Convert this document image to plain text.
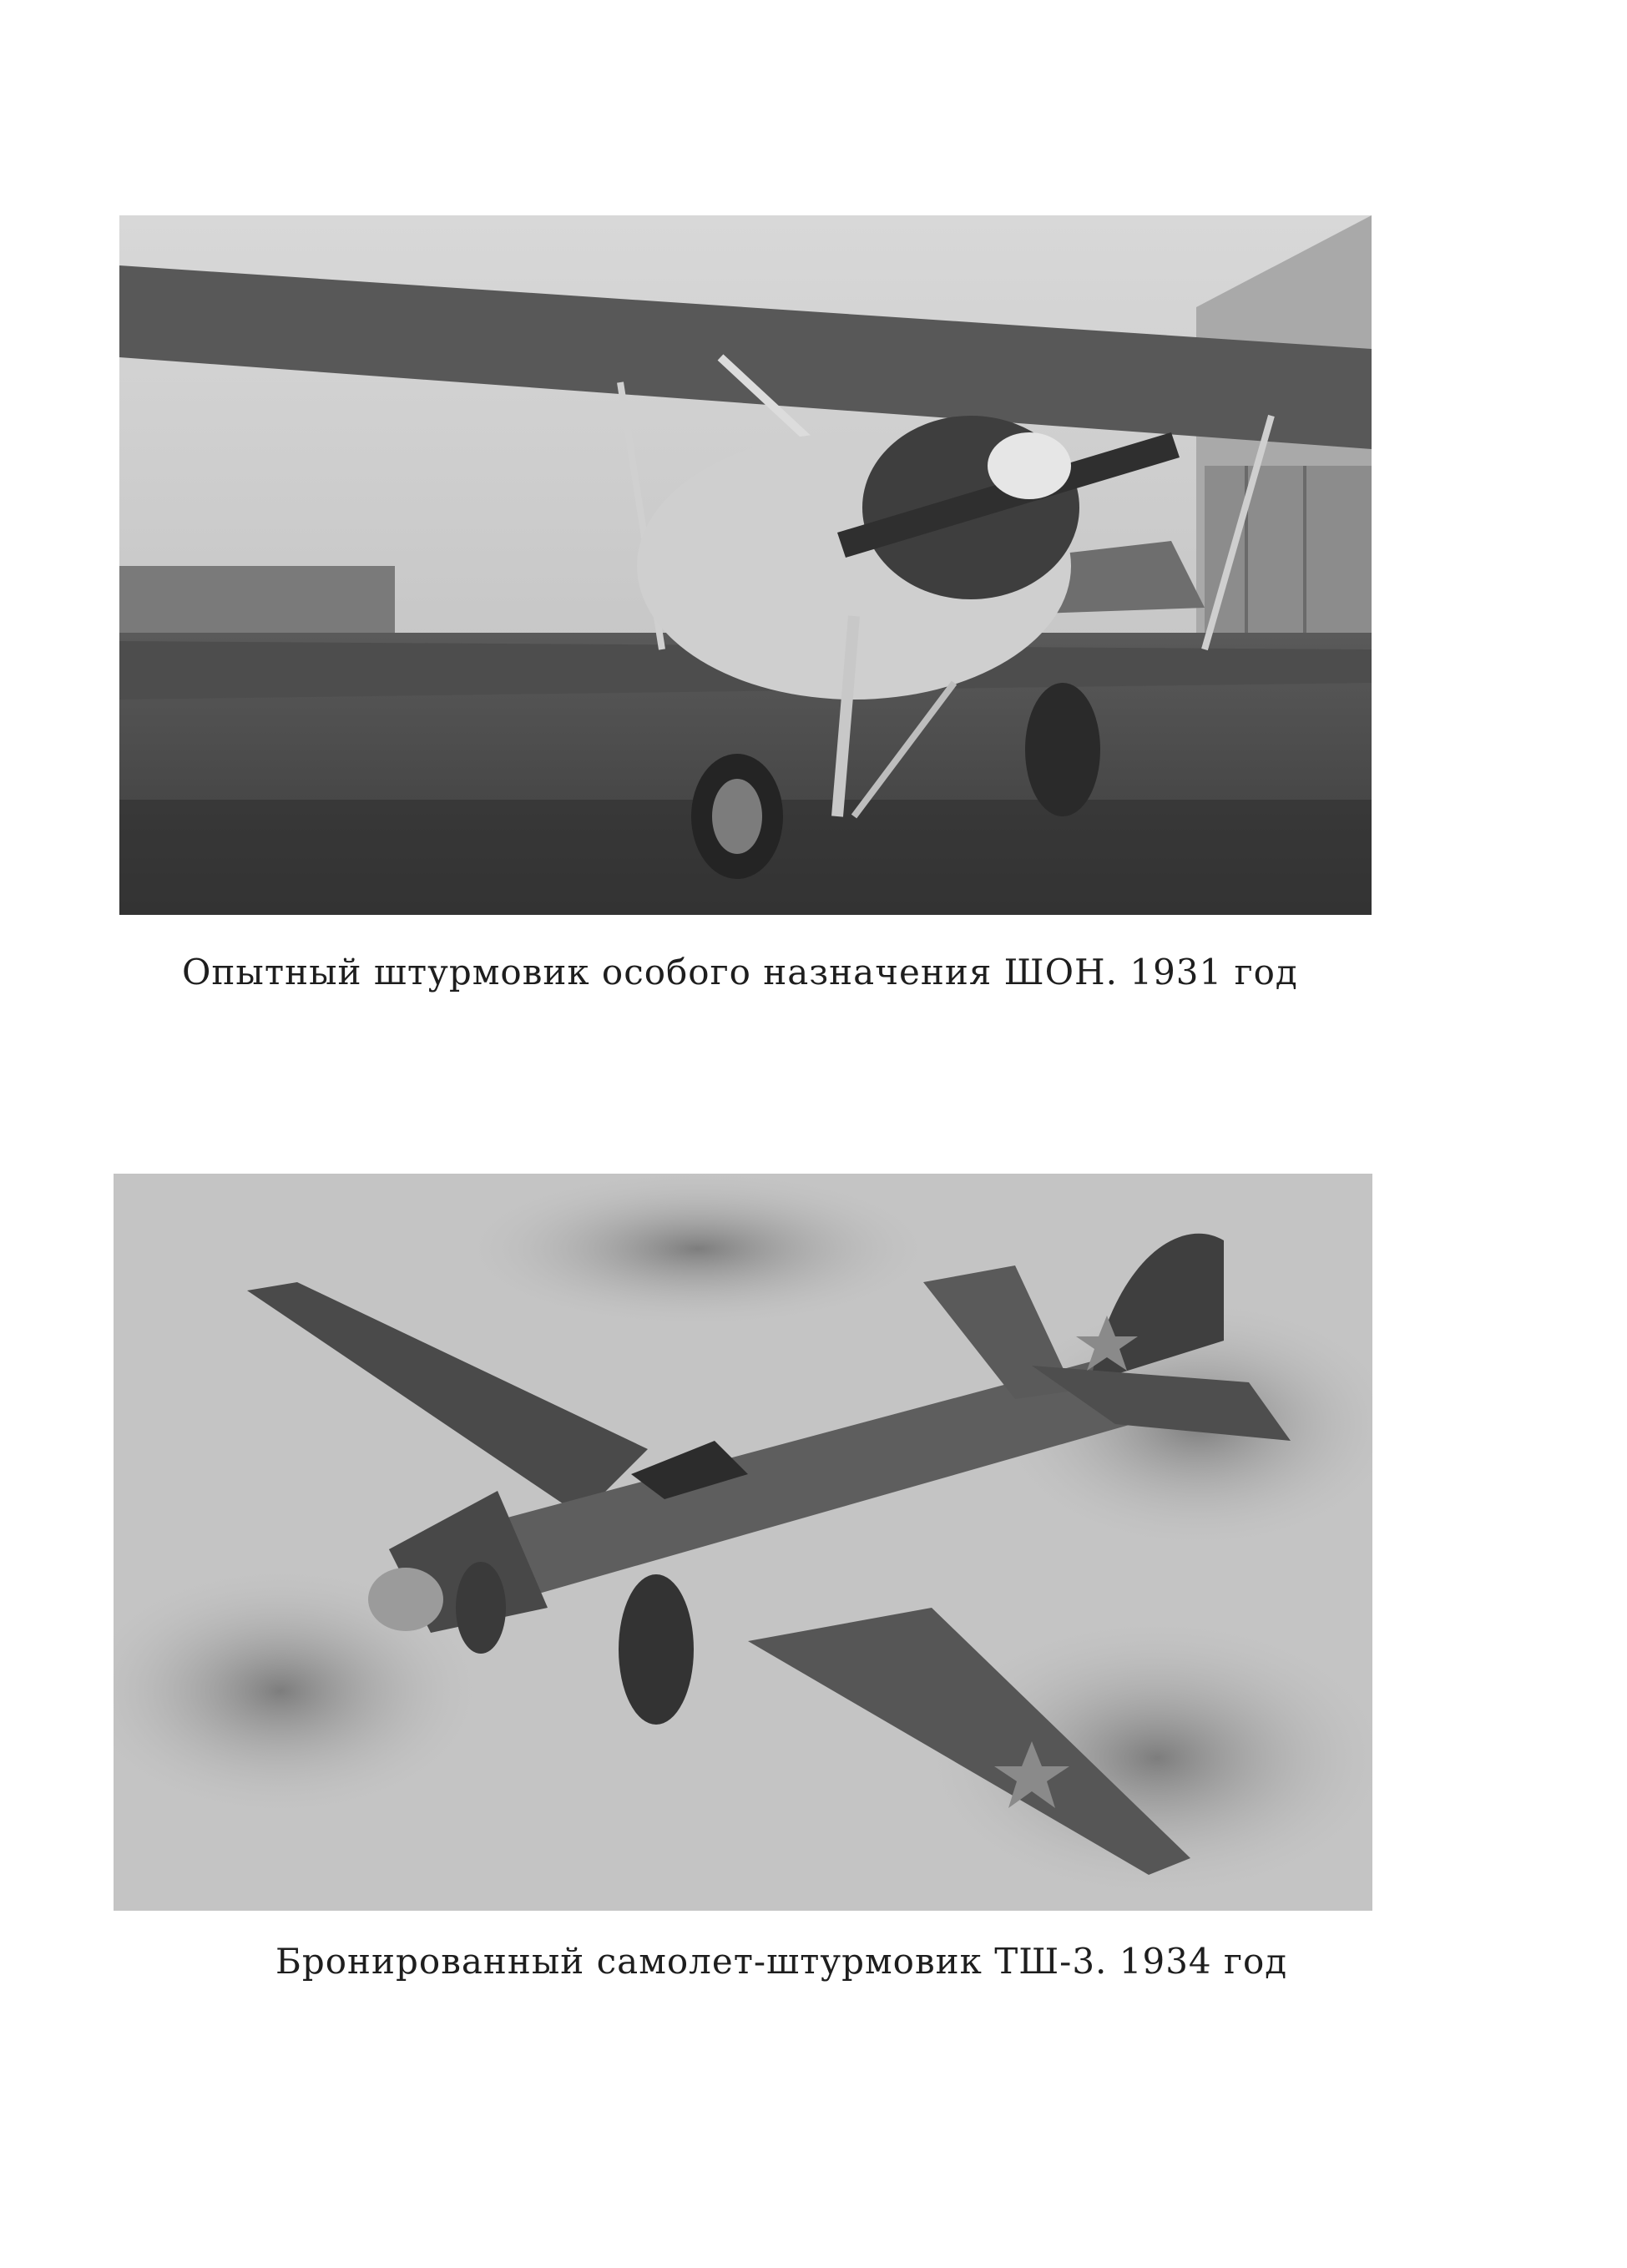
Опытный штурмовик особого назначения ШОН. 1931 год
Бронированный самолет-штурмовик ТШ-3. 1934 год
